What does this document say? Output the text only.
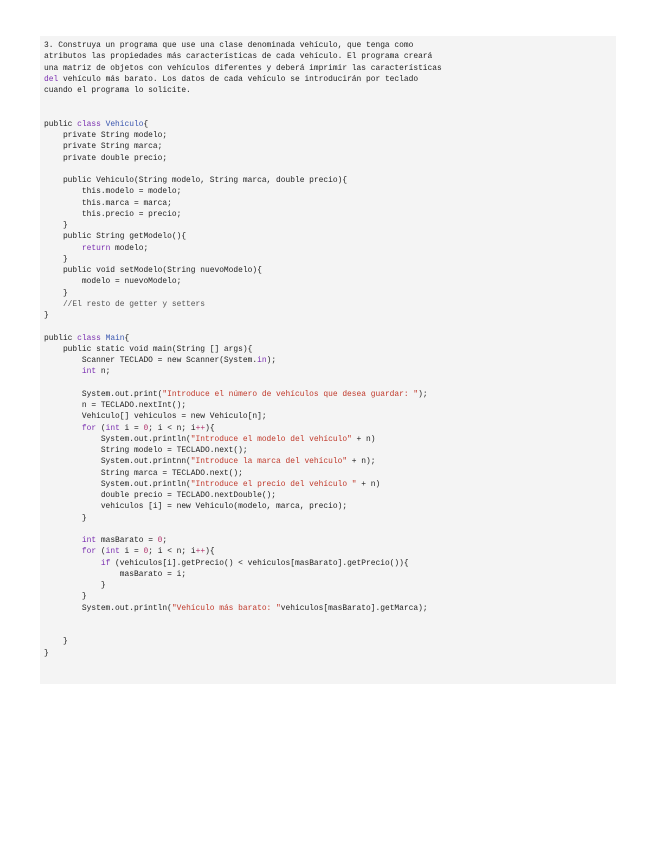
3. Construya un programa que use una clase denominada vehículo, que tenga como
atributos las propiedades más características de cada vehículo. El programa creará
una matriz de objetos con vehículos diferentes y deberá imprimir las características
del vehículo más barato. Los datos de cada vehículo se introducirán por teclado
cuando el programa lo solicite.

public class Vehiculo{
private String modelo;
private String marca;
private double precio;

public Vehiculo(String modelo, String marca, double precio){
this.modelo = modelo;
this.marca = marca;
this.precio = precio;
}
public String getModelo(){
return modelo;
}
public void setModelo(String nuevoModelo){
modelo = nuevoModelo;
}
//El resto de getter y setters
}

public class Main{
public static void main(String [] args){
Scanner TECLADO = new Scanner(System.in);
int n;

System.out.print("Introduce el número de vehículos que desea guardar: ");
n = TECLADO.nextInt();
Vehiculo[] vehiculos = new Vehiculo[n];
for (int i = 0; i < n; i++){
System.out.println("Introduce el modelo del vehículo" + n)
String modelo = TECLADO.next();
System.out.printnn("Introduce la marca del vehículo" + n);
String marca = TECLADO.next();
System.out.println("Introduce el precio del vehículo " + n)
double precio = TECLADO.nextDouble();
vehiculos [i] = new Vehiculo(modelo, marca, precio);
}

int masBarato = 0;
for (int i = 0; i < n; i++){
if (vehiculos[i].getPrecio() < vehiculos[masBarato].getPrecio()){
masBarato = i;
}
}
System.out.println("Vehículo más barato: "vehiculos[masBarato].getMarca);

}
}
